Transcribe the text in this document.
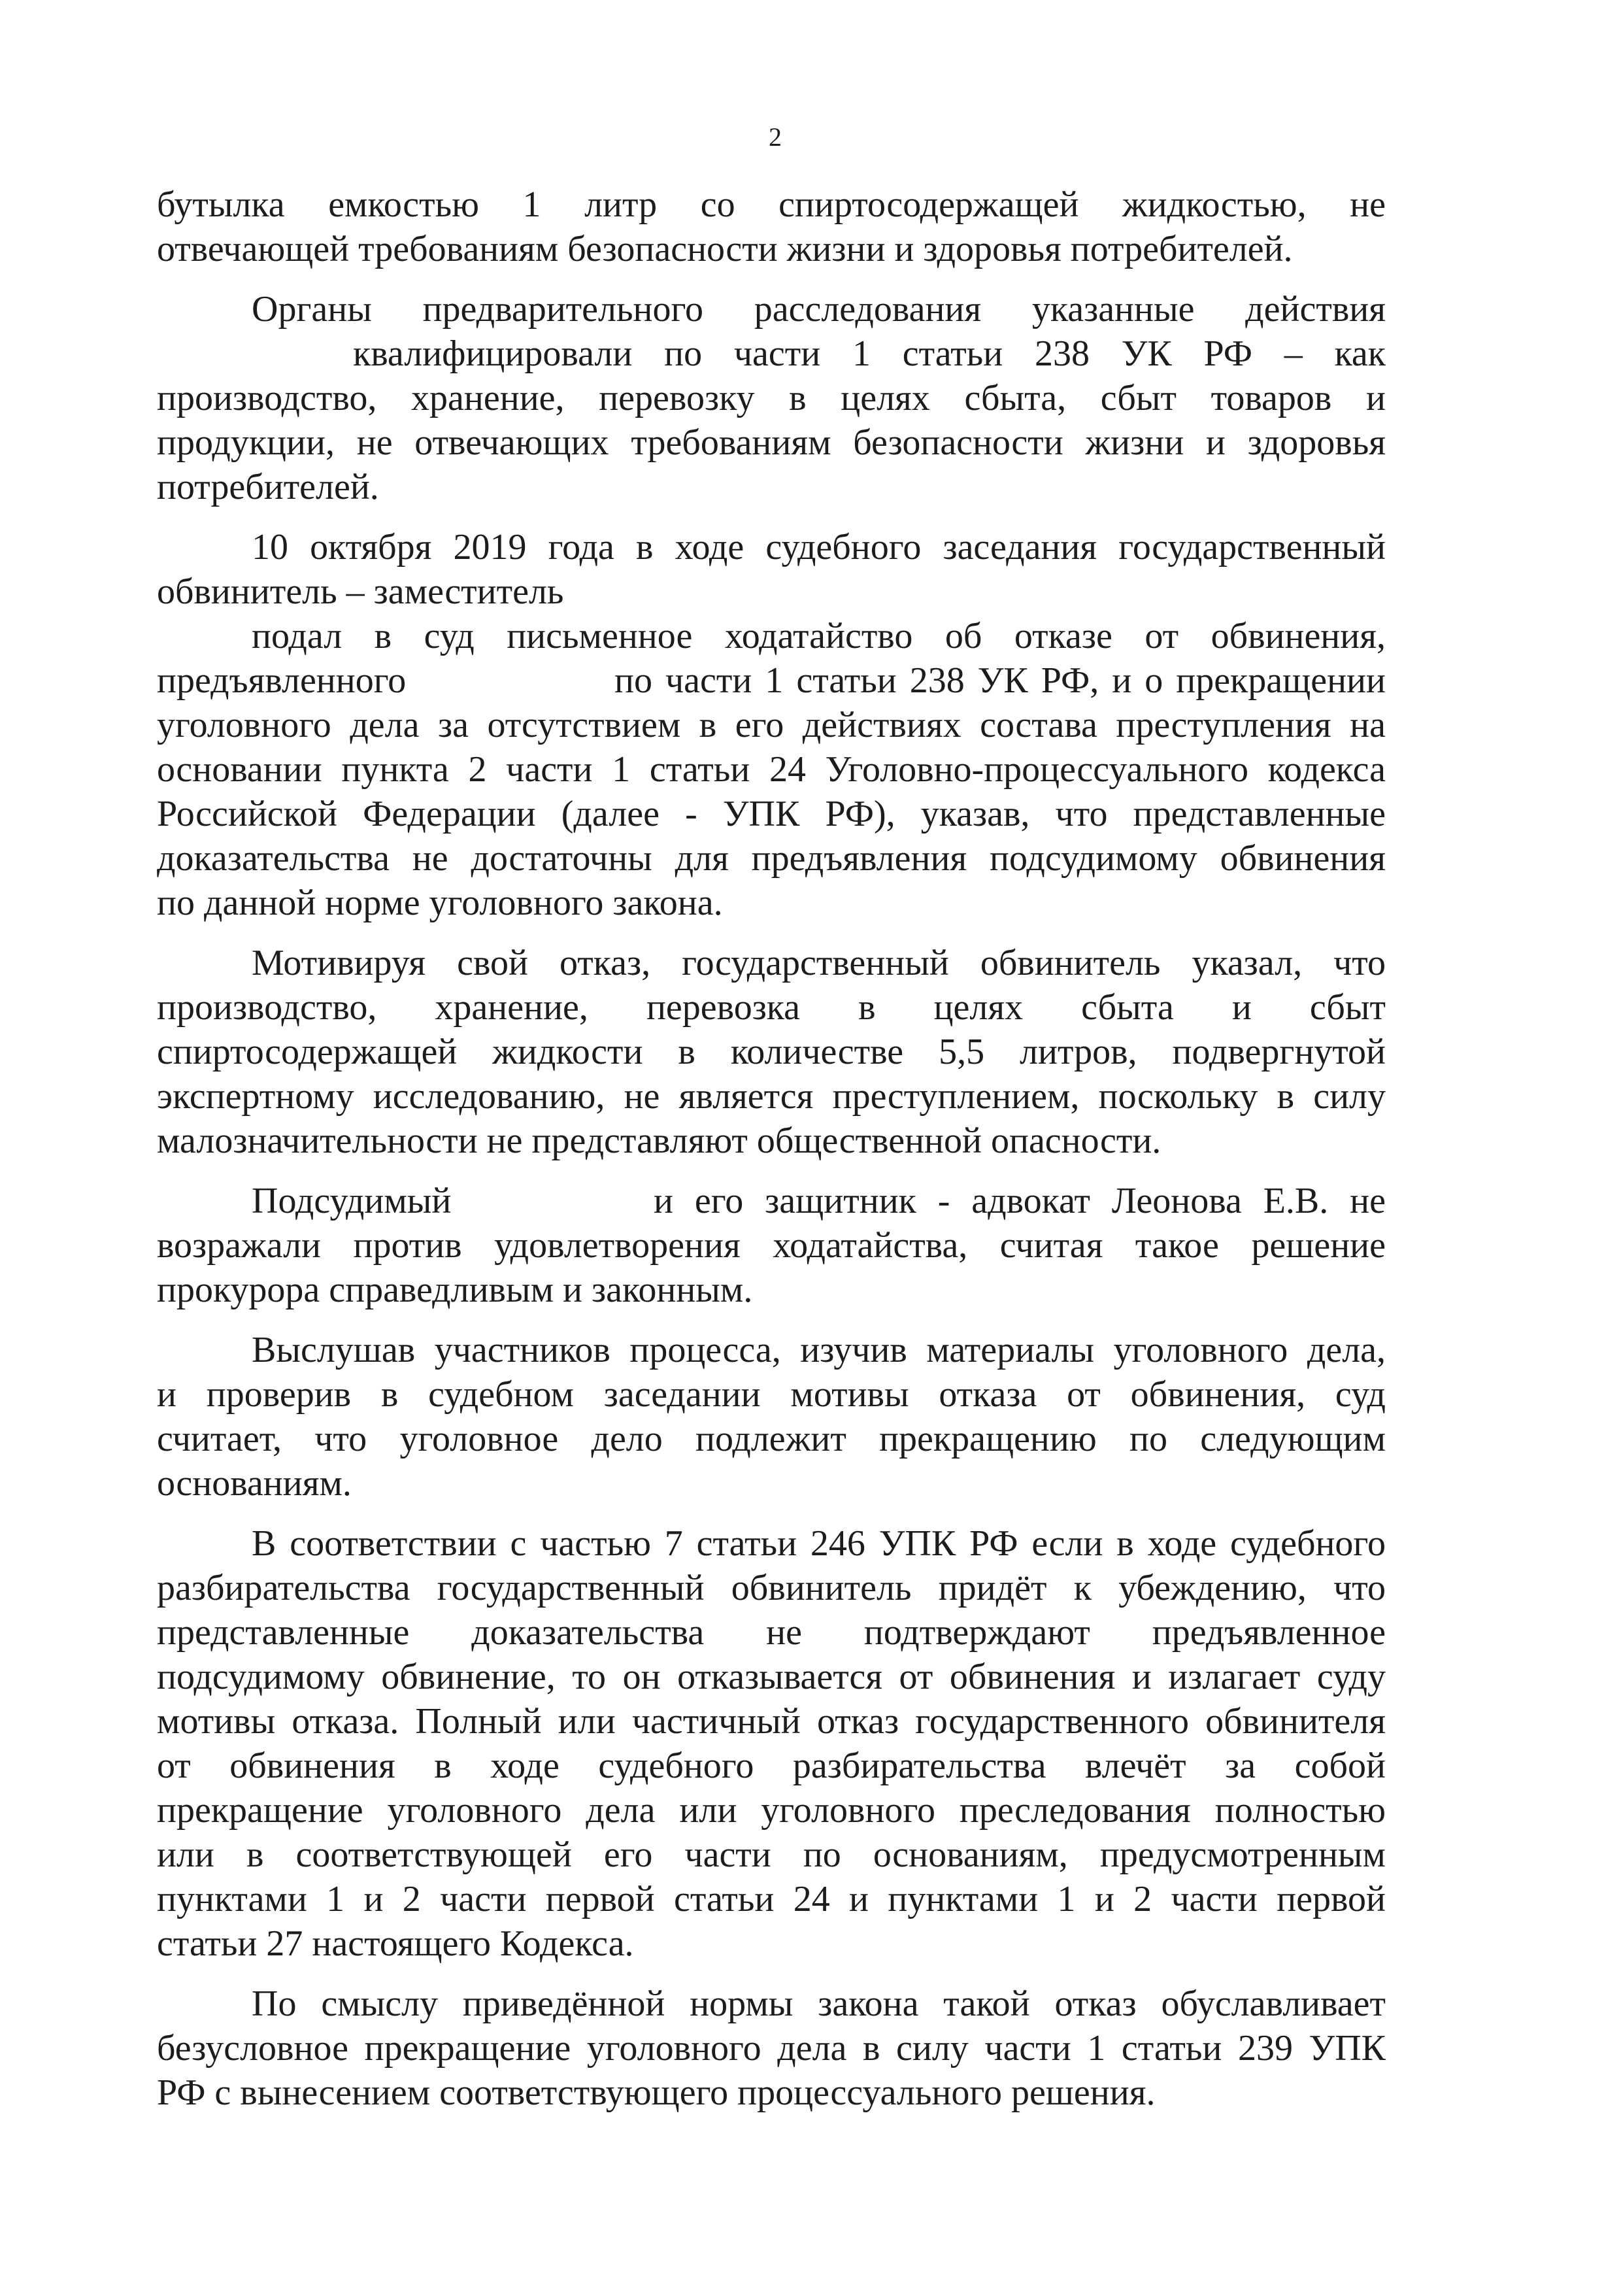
2
бутылка емкостью 1 литр со спиртосодержащей жидкостью, не
отвечающей требованиям безопасности жизни и здоровья потребителей.
Органы предварительного расследования указанные действия
квалифицировали по части 1 статьи 238 УК РФ – как
производство, хранение, перевозку в целях сбыта, сбыт товаров и
продукции, не отвечающих требованиям безопасности жизни и здоровья
потребителей.
10 октября 2019 года в ходе судебного заседания государственный
обвинитель – заместитель
подал в суд письменное ходатайство об отказе от обвинения,
предъявленного	по части 1 статьи 238 УК РФ, и о прекращении
уголовного дела за отсутствием в его действиях состава преступления на
основании пункта 2 части 1 статьи 24 Уголовно-процессуального кодекса
Российской Федерации (далее - УПК РФ), указав, что представленные
доказательства не достаточны для предъявления подсудимому обвинения
по данной норме уголовного закона.
Мотивируя свой отказ, государственный обвинитель указал, что
производство, хранение, перевозка в целях сбыта и сбыт
спиртосодержащей жидкости в количестве 5,5 литров, подвергнутой
экспертному исследованию, не является преступлением, поскольку в силу
малозначительности не представляют общественной опасности.
Подсудимый	и его защитник - адвокат Леонова Е.В. не
возражали против удовлетворения ходатайства, считая такое решение
прокурора справедливым и законным.
Выслушав участников процесса, изучив материалы уголовного дела,
и проверив в судебном заседании мотивы отказа от обвинения, суд
считает, что уголовное дело подлежит прекращению по следующим
основаниям.
В соответствии с частью 7 статьи 246 УПК РФ если в ходе судебного
разбирательства государственный обвинитель придёт к убеждению, что
представленные доказательства не подтверждают предъявленное
подсудимому обвинение, то он отказывается от обвинения и излагает суду
мотивы отказа. Полный или частичный отказ государственного обвинителя
от обвинения в ходе судебного разбирательства влечёт за собой
прекращение уголовного дела или уголовного преследования полностью
или в соответствующей его части по основаниям, предусмотренным
пунктами 1 и 2 части первой статьи 24 и пунктами 1 и 2 части первой
статьи 27 настоящего Кодекса.
По смыслу приведённой нормы закона такой отказ обуславливает
безусловное прекращение уголовного дела в силу части 1 статьи 239 УПК
РФ с вынесением соответствующего процессуального решения.
